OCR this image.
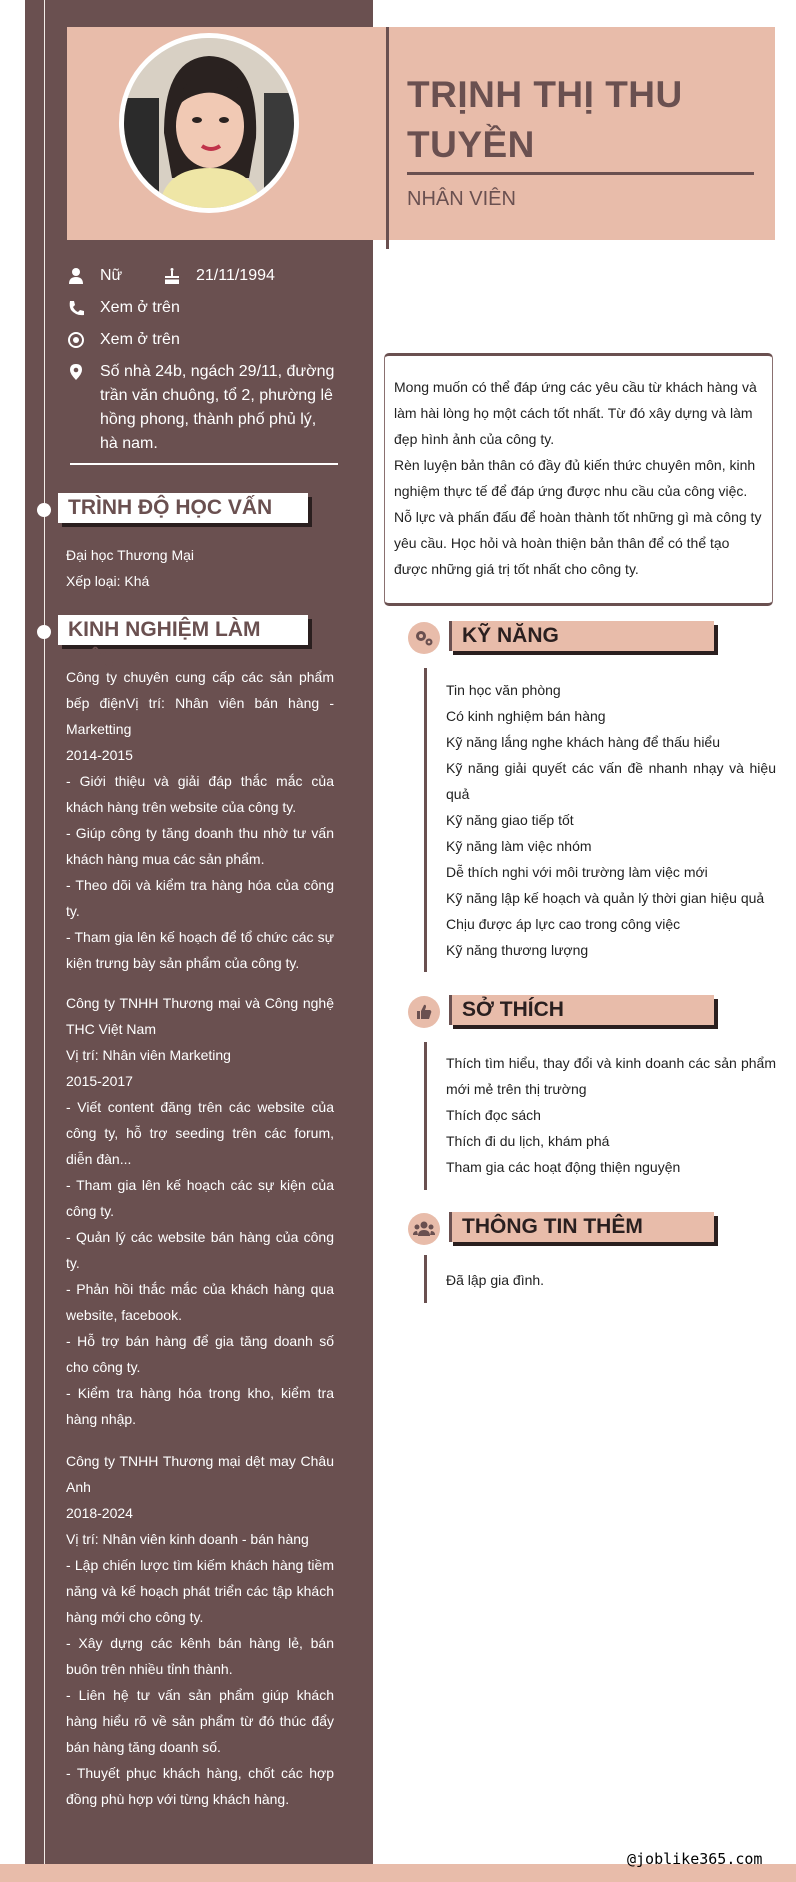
TRỊNH THỊ THU TUYỀN
NHÂN VIÊN
Nữ	21/11/1994
Xem ở trên
Xem ở trên
Số nhà 24b, ngách 29/11, đường trần văn chuông, tổ 2, phường lê hồng phong, thành phố phủ lý, hà nam.
TRÌNH ĐỘ HỌC VẤN

Đại học Thương Mại

Xếp loại: Khá

KINH NGHIỆM LÀM VIỆC

Công ty chuyên cung cấp các sản phẩm bếp điệnVị trí: Nhân viên bán hàng - Marketting

2014-2015

- Giới thiệu và giải đáp thắc mắc của khách hàng trên website của công ty.

- Giúp công ty tăng doanh thu nhờ tư vấn khách hàng mua các sản phẩm.

- Theo dõi và kiểm tra hàng hóa của công ty.

- Tham gia lên kế hoạch để tổ chức các sự kiện trưng bày sản phẩm của công ty.

Công ty TNHH Thương mại và Công nghệ THC Việt Nam

Vị trí: Nhân viên Marketing

2015-2017

- Viết content đăng trên các website của công ty, hỗ trợ seeding trên các forum, diễn đàn...

- Tham gia lên kế hoạch các sự kiện của công ty.

- Quản lý các website bán hàng của công ty.

- Phản hồi thắc mắc của khách hàng qua website, facebook.

- Hỗ trợ bán hàng để gia tăng doanh số cho công ty.

- Kiểm tra hàng hóa trong kho, kiểm tra hàng nhập.

Công ty TNHH Thương mại dệt may Châu Anh

2018-2024

Vị trí: Nhân viên kinh doanh - bán hàng

- Lập chiến lược tìm kiếm khách hàng tiềm năng và kế hoạch phát triển các tập khách hàng mới cho công ty.

- Xây dựng các kênh bán hàng lẻ, bán buôn trên nhiều tỉnh thành.

- Liên hệ tư vấn sản phẩm giúp khách hàng hiểu rõ về sản phẩm từ đó thúc đẩy bán hàng tăng doanh số.

- Thuyết phục khách hàng, chốt các hợp đồng phù hợp với từng khách hàng.

Mong muốn có thể đáp ứng các yêu cầu từ khách hàng và làm hài lòng họ một cách tốt nhất. Từ đó xây dựng và làm đẹp hình ảnh của công ty.

Rèn luyện bản thân có đầy đủ kiến thức chuyên môn, kinh nghiệm thực tế để đáp ứng được nhu cầu của công việc.

Nỗ lực và phấn đấu để hoàn thành tốt những gì mà công ty yêu cầu. Học hỏi và hoàn thiện bản thân để có thể tạo được những giá trị tốt nhất cho công ty.

KỸ NĂNG

Tin học văn phòng

Có kinh nghiệm bán hàng

Kỹ năng lắng nghe khách hàng để thấu hiểu

Kỹ năng giải quyết các vấn đề nhanh nhạy và hiệu quả

Kỹ năng giao tiếp tốt

Kỹ năng làm việc nhóm

Dễ thích nghi với môi trường làm việc mới

Kỹ năng lập kế hoạch và quản lý thời gian hiệu quả

Chịu được áp lực cao trong công việc

Kỹ năng thương lượng

SỞ THÍCH

Thích tìm hiểu, thay đổi và kinh doanh các sản phẩm mới mẻ trên thị trường

Thích đọc sách

Thích đi du lịch, khám phá

Tham gia các hoạt động thiện nguyện

THÔNG TIN THÊM

Đã lập gia đình.

@joblike365.com
